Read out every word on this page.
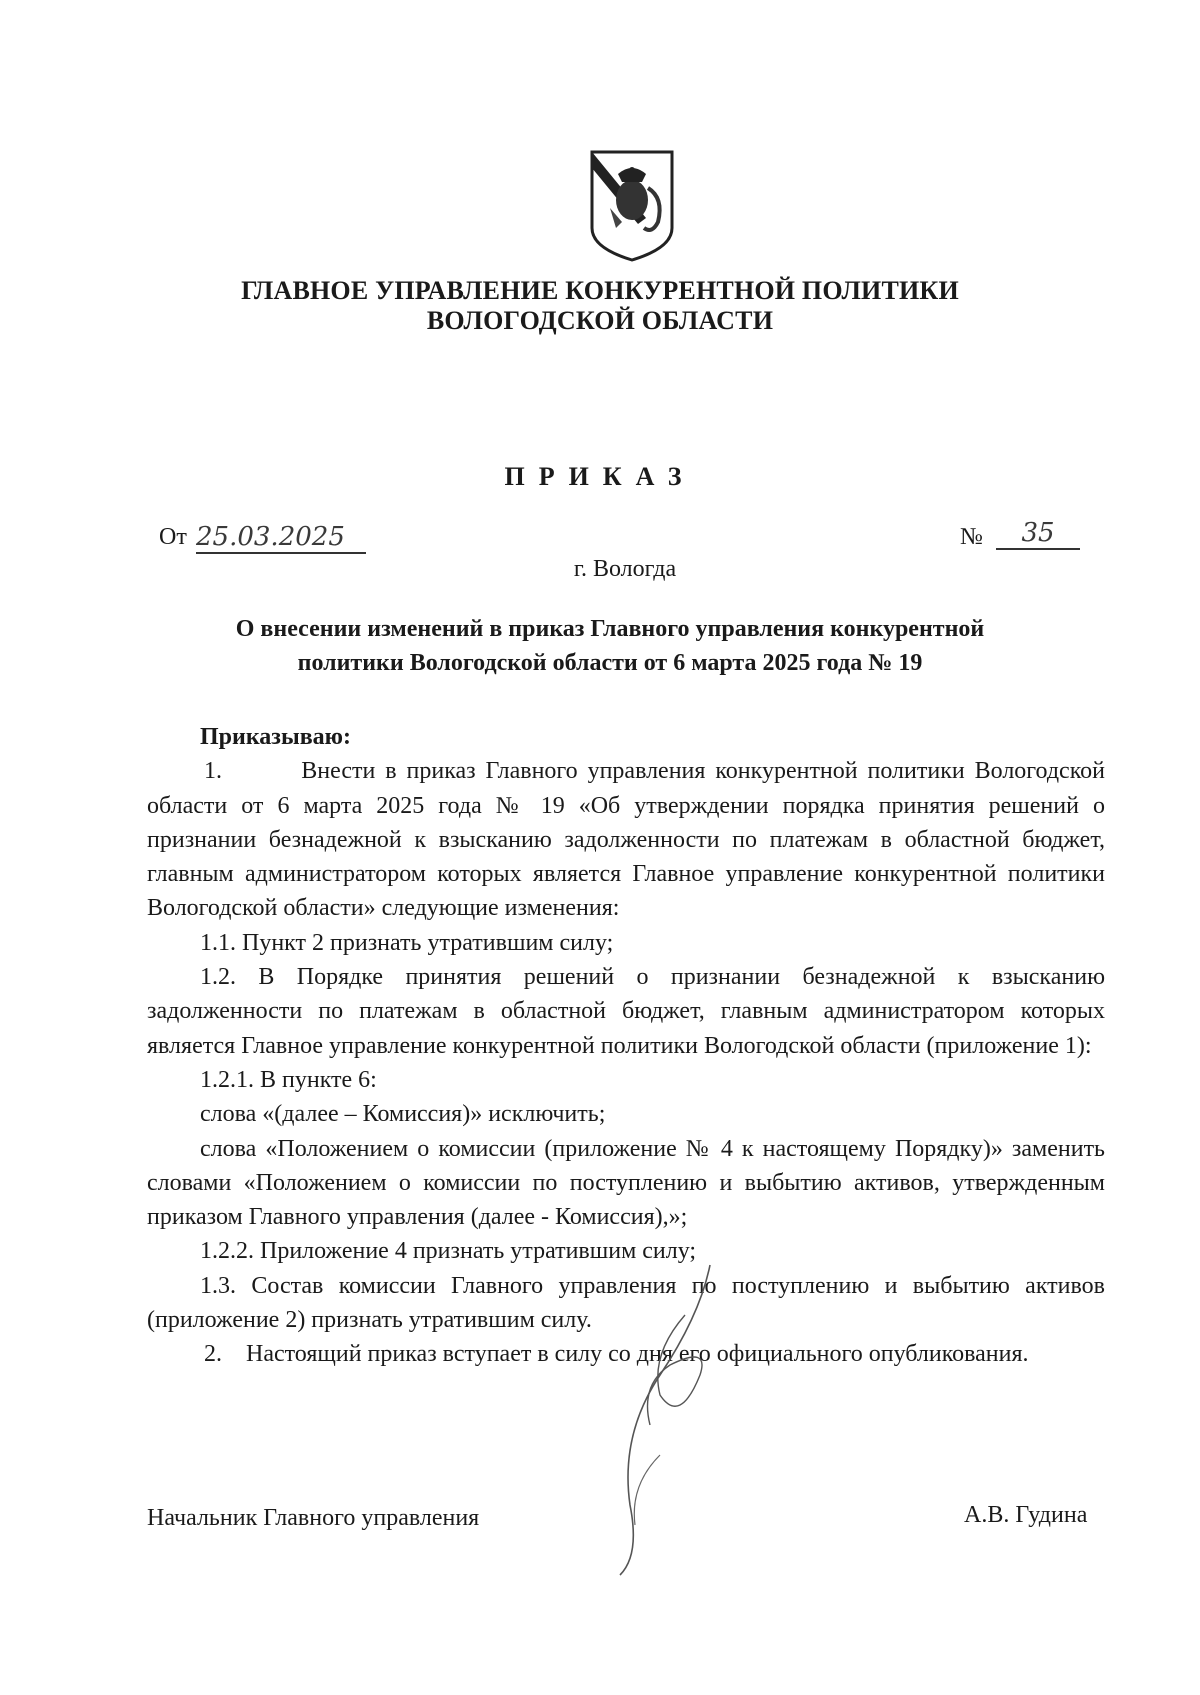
ГЛАВНОЕ УПРАВЛЕНИЕ КОНКУРЕНТНОЙ ПОЛИТИКИ
ВОЛОГОДСКОЙ ОБЛАСТИ
ПРИКАЗ
От 25.03.2025	№	35
г. Вологда
О внесении изменений в приказ Главного управления конкурентной
политики Вологодской области от 6 марта 2025 года № 19

Приказываю:

1.        Внести в приказ Главного управления конкурентной политики Вологодской области от 6 марта 2025 года № 19 «Об утверждении порядка принятия решений о признании безнадежной к взысканию задолженности по платежам в областной бюджет, главным администратором которых является Главное управление конкурентной политики Вологодской области» следующие изменения:

1.1. Пункт 2 признать утратившим силу;

1.2. В Порядке принятия решений о признании безнадежной к взысканию задолженности по платежам в областной бюджет, главным администратором которых является Главное управление конкурентной политики Вологодской области (приложение 1):

1.2.1. В пункте 6:

слова «(далее – Комиссия)» исключить;

слова «Положением о комиссии (приложение № 4 к настоящему Порядку)» заменить словами «Положением о комиссии по поступлению и выбытию активов, утвержденным приказом Главного управления (далее - Комиссия),»;

1.2.2. Приложение 4 признать утратившим силу;

1.3. Состав комиссии Главного управления по поступлению и выбытию активов (приложение 2) признать утратившим силу.

2.    Настоящий приказ вступает в силу со дня его официального опубликования.

Начальник Главного управления	А.В. Гудина
